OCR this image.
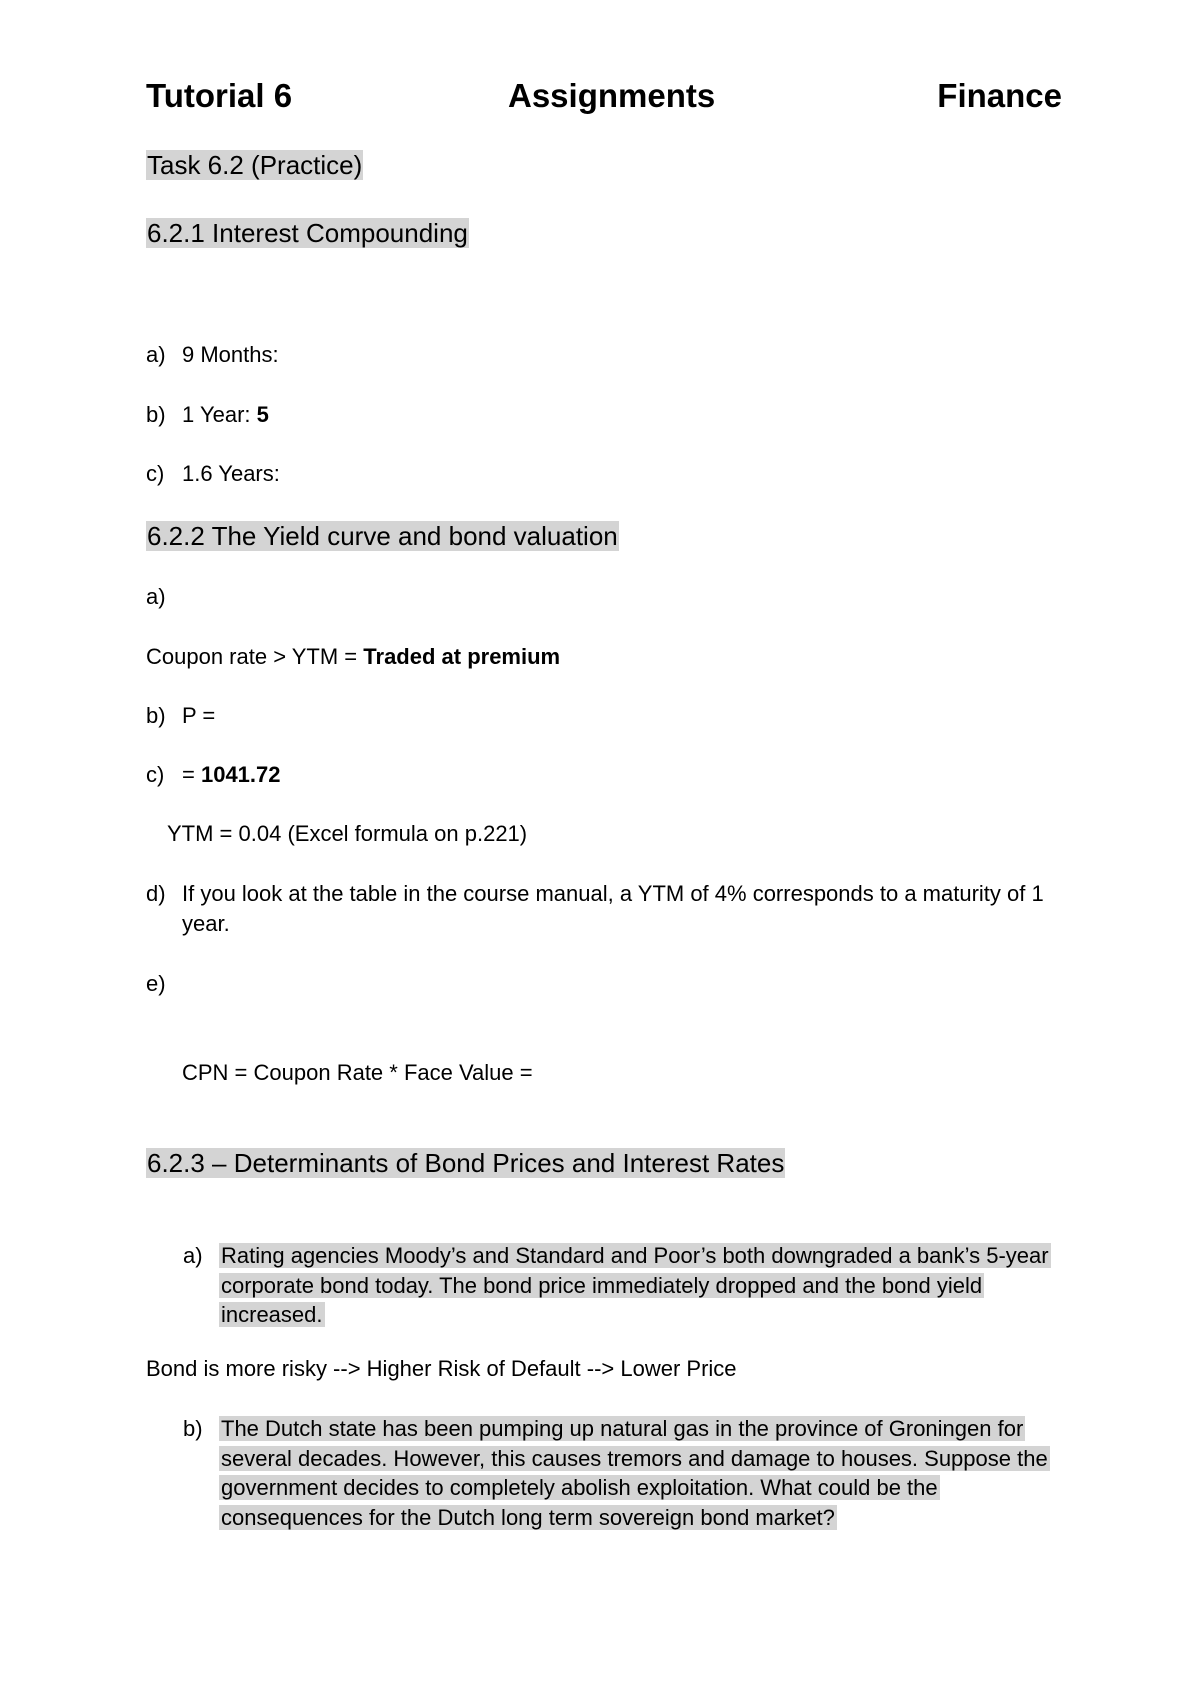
Tutorial 6	Assignments	Finance
Task 6.2 (Practice)
6.2.1 Interest Compounding
a) 9 Months:
b) 1 Year: 5
c) 1.6 Years:
6.2.2 The Yield curve and bond valuation
a)
Coupon rate > YTM = Traded at premium
b) P =
c) = 1041.72
YTM = 0.04 (Excel formula on p.221)
d) If you look at the table in the course manual, a YTM of 4% corresponds to a maturity of 1
year.
e)
CPN = Coupon Rate * Face Value =
6.2.3 – Determinants of Bond Prices and Interest Rates
a) Rating agencies Moody’s and Standard and Poor’s both downgraded a bank’s 5-year
corporate bond today. The bond price immediately dropped and the bond yield
increased.
Bond is more risky --> Higher Risk of Default --> Lower Price
b) The Dutch state has been pumping up natural gas in the province of Groningen for
several decades. However, this causes tremors and damage to houses. Suppose the
government decides to completely abolish exploitation. What could be the
consequences for the Dutch long term sovereign bond market?
